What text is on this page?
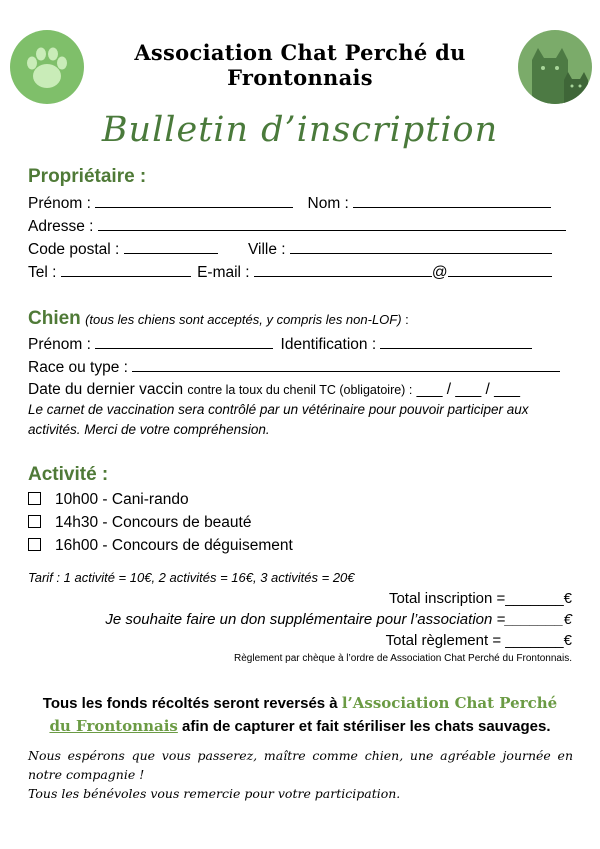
Association Chat Perché du
Frontonnais
Bulletin d’inscription
Propriétaire :
Prénom :	Nom :
Adresse :
Code postal :	Ville :
Tel :	E-mail :	@
Chien (tous les chiens sont acceptés, y compris les non-LOF) :
Prénom :	Identification :
Race ou type :
Date du dernier vaccin contre la toux du chenil TC (obligatoire) : ___ / ___ / ___
Le carnet de vaccination sera contrôlé par un vétérinaire pour pouvoir participer aux activités. Merci de votre compréhension.
Activité :
10h00 - Cani-rando
14h30 - Concours de beauté
16h00 - Concours de déguisement
Tarif : 1 activité = 10€, 2 activités = 16€, 3 activités = 20€
Total inscription =_______€
Je souhaite faire un don supplémentaire pour l’association =_______€
Total règlement = _______€
Règlement par chèque à l’ordre de Association Chat Perché du Frontonnais.
Tous les fonds récoltés seront reversés à l’Association Chat Perché
du Frontonnais afin de capturer et fait stériliser les chats sauvages.
Nous espérons que vous passerez, maître comme chien, une agréable journée en notre compagnie !
Tous les bénévoles vous remercie pour votre participation.
